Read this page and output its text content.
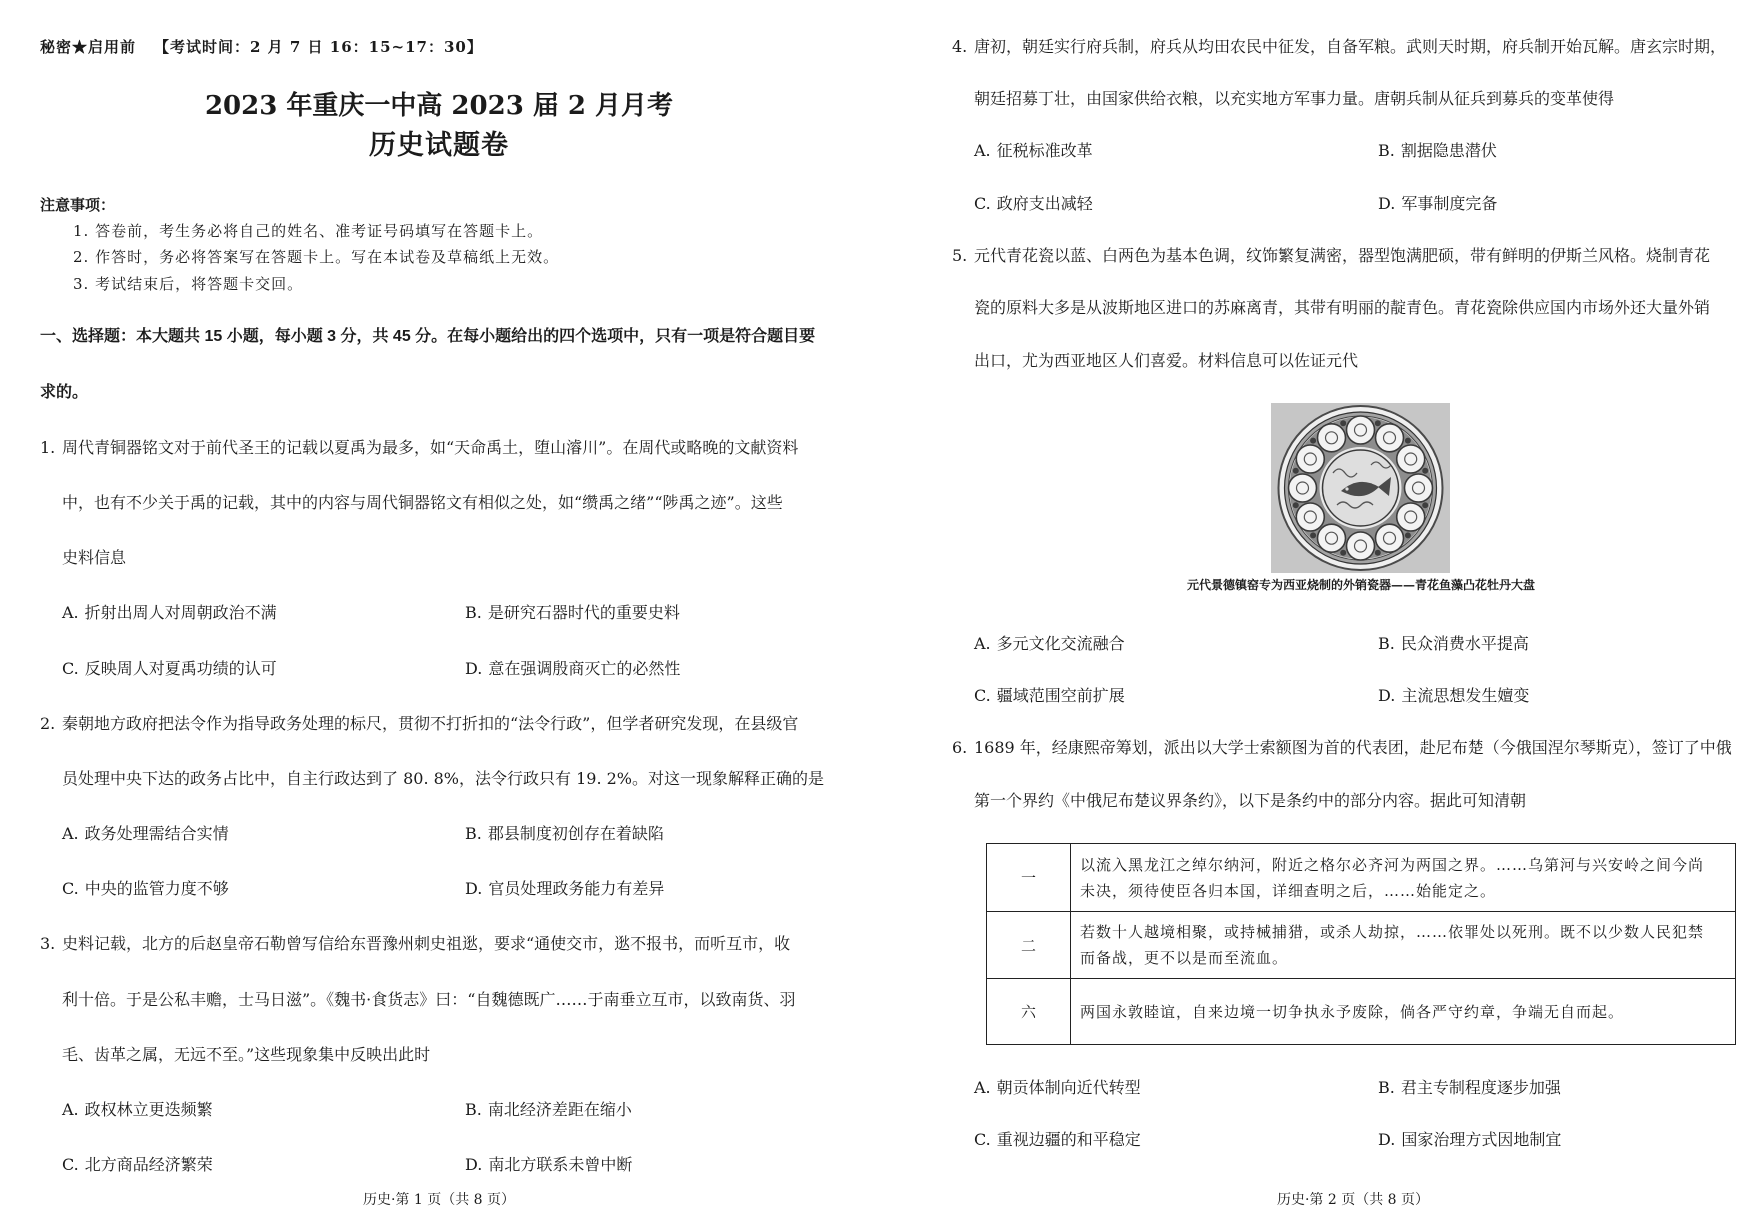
秘密★启用前 【考试时间：2 月 7 日 16：15~17：30】
2023 年重庆一中高 2023 届 2 月月考
历史试题卷
注意事项：
1. 答卷前，考生务必将自己的姓名、准考证号码填写在答题卡上。
2. 作答时，务必将答案写在答题卡上。写在本试卷及草稿纸上无效。
3. 考试结束后，将答题卡交回。
一、选择题：本大题共 15 小题，每小题 3 分，共 45 分。在每小题给出的四个选项中，只有一项是符合题目要
求的。
1. 周代青铜器铭文对于前代圣王的记载以夏禹为最多，如“天命禹土，堕山濬川”。在周代或略晚的文献资料
中，也有不少关于禹的记载，其中的内容与周代铜器铭文有相似之处，如“缵禹之绪”“陟禹之迹”。这些
史料信息
A. 折射出周人对周朝政治不满	B. 是研究石器时代的重要史料
C. 反映周人对夏禹功绩的认可	D. 意在强调殷商灭亡的必然性
2. 秦朝地方政府把法令作为指导政务处理的标尺，贯彻不打折扣的“法令行政”，但学者研究发现，在县级官
员处理中央下达的政务占比中，自主行政达到了 80. 8%，法令行政只有 19. 2%。对这一现象解释正确的是
A. 政务处理需结合实情	B. 郡县制度初创存在着缺陷
C. 中央的监管力度不够	D. 官员处理政务能力有差异
3. 史料记载，北方的后赵皇帝石勒曾写信给东晋豫州刺史祖逖，要求“通使交市，逖不报书，而听互市，收
利十倍。于是公私丰赡，士马日滋”。《魏书·食货志》曰：“自魏德既广……于南垂立互市，以致南货、羽
毛、齿革之属，无远不至。”这些现象集中反映出此时
A. 政权林立更迭频繁	B. 南北经济差距在缩小
C. 北方商品经济繁荣	D. 南北方联系未曾中断
历史·第 1 页（共 8 页）
4. 唐初，朝廷实行府兵制，府兵从均田农民中征发，自备军粮。武则天时期，府兵制开始瓦解。唐玄宗时期，
朝廷招募丁壮，由国家供给衣粮，以充实地方军事力量。唐朝兵制从征兵到募兵的变革使得
A. 征税标准改革	B. 割据隐患潜伏
C. 政府支出减轻	D. 军事制度完备
5. 元代青花瓷以蓝、白两色为基本色调，纹饰繁复满密，器型饱满肥硕，带有鲜明的伊斯兰风格。烧制青花
瓷的原料大多是从波斯地区进口的苏麻离青，其带有明丽的靛青色。青花瓷除供应国内市场外还大量外销
出口，尤为西亚地区人们喜爱。材料信息可以佐证元代
元代景德镇窑专为西亚烧制的外销瓷器——青花鱼藻凸花牡丹大盘
A. 多元文化交流融合	B. 民众消费水平提高
C. 疆域范围空前扩展	D. 主流思想发生嬗变
6. 1689 年，经康熙帝筹划，派出以大学士索额图为首的代表团，赴尼布楚（今俄国涅尔琴斯克），签订了中俄
第一个界约《中俄尼布楚议界条约》，以下是条约中的部分内容。据此可知清朝
一	以流入黑龙江之绰尔纳河，附近之格尔必齐河为两国之界。……乌第河与兴安岭之间今尚
未决，须待使臣各归本国，详细查明之后，……始能定之。

二	若数十人越境相聚，或持械捕猎，或杀人劫掠，……依罪处以死刑。既不以少数人民犯禁
而备战，更不以是而至流血。

六	两国永敦睦谊，自来边境一切争执永予废除，倘各严守约章，争端无自而起。
A. 朝贡体制向近代转型	B. 君主专制程度逐步加强
C. 重视边疆的和平稳定	D. 国家治理方式因地制宜
历史·第 2 页（共 8 页）
